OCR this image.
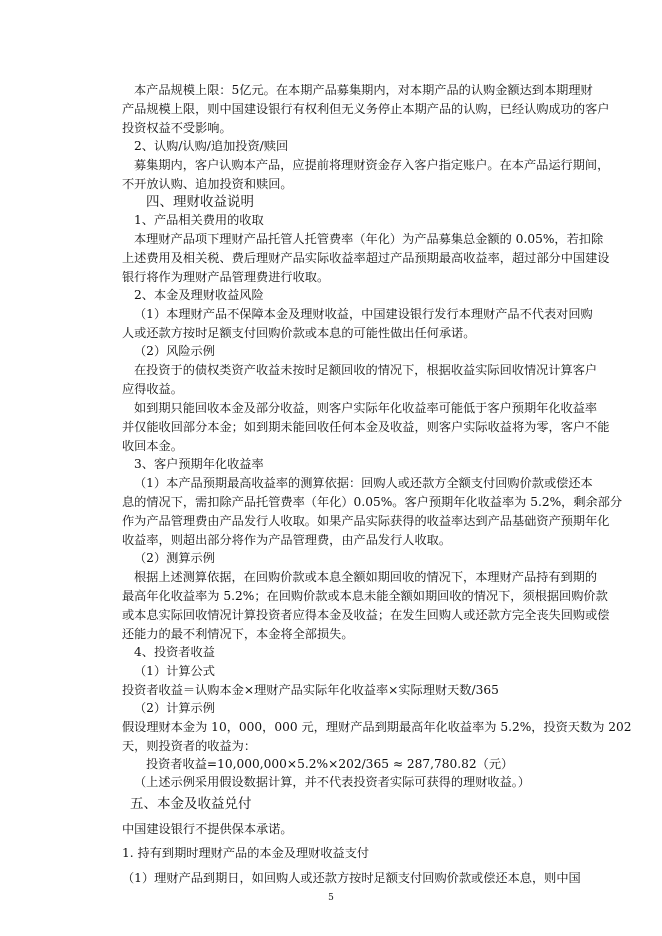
本产品规模上限：5亿元。在本期产品募集期内，对本期产品的认购金额达到本期理财
产品规模上限，则中国建设银行有权利但无义务停止本期产品的认购，已经认购成功的客户
投资权益不受影响。
2、认购/认购/追加投资/赎回
募集期内，客户认购本产品，应提前将理财资金存入客户指定账户。在本产品运行期间，
不开放认购、追加投资和赎回。
四、理财收益说明
1、产品相关费用的收取
本理财产品项下理财产品托管人托管费率（年化）为产品募集总金额的 0.05%，若扣除
上述费用及相关税、费后理财产品实际收益率超过产品预期最高收益率，超过部分中国建设
银行将作为理财产品管理费进行收取。
2、本金及理财收益风险
（1）本理财产品不保障本金及理财收益，中国建设银行发行本理财产品不代表对回购
人或还款方按时足额支付回购价款或本息的可能性做出任何承诺。
（2）风险示例
在投资于的债权类资产收益未按时足额回收的情况下，根据收益实际回收情况计算客户
应得收益。
如到期只能回收本金及部分收益，则客户实际年化收益率可能低于客户预期年化收益率
并仅能收回部分本金；如到期未能回收任何本金及收益，则客户实际收益将为零，客户不能
收回本金。
3、客户预期年化收益率
（1）本产品预期最高收益率的测算依据：回购人或还款方全额支付回购价款或偿还本
息的情况下，需扣除产品托管费率（年化）0.05%。客户预期年化收益率为 5.2%，剩余部分
作为产品管理费由产品发行人收取。如果产品实际获得的收益率达到产品基础资产预期年化
收益率，则超出部分将作为产品管理费，由产品发行人收取。
（2）测算示例
根据上述测算依据，在回购价款或本息全额如期回收的情况下，本理财产品持有到期的
最高年化收益率为 5.2%；在回购价款或本息未能全额如期回收的情况下，须根据回购价款
或本息实际回收情况计算投资者应得本金及收益；在发生回购人或还款方完全丧失回购或偿
还能力的最不利情况下，本金将全部损失。
4、投资者收益
（1）计算公式
投资者收益＝认购本金×理财产品实际年化收益率×实际理财天数/365
（2）计算示例
假设理财本金为 10，000，000 元，理财产品到期最高年化收益率为 5.2%，投资天数为 202
天，则投资者的收益为：
投资者收益=10,000,000×5.2%×202/365 ≈ 287,780.82（元）
（上述示例采用假设数据计算，并不代表投资者实际可获得的理财收益。）
五、本金及收益兑付
中国建设银行不提供保本承诺。
1. 持有到期时理财产品的本金及理财收益支付
（1）理财产品到期日，如回购人或还款方按时足额支付回购价款或偿还本息，则中国
5
